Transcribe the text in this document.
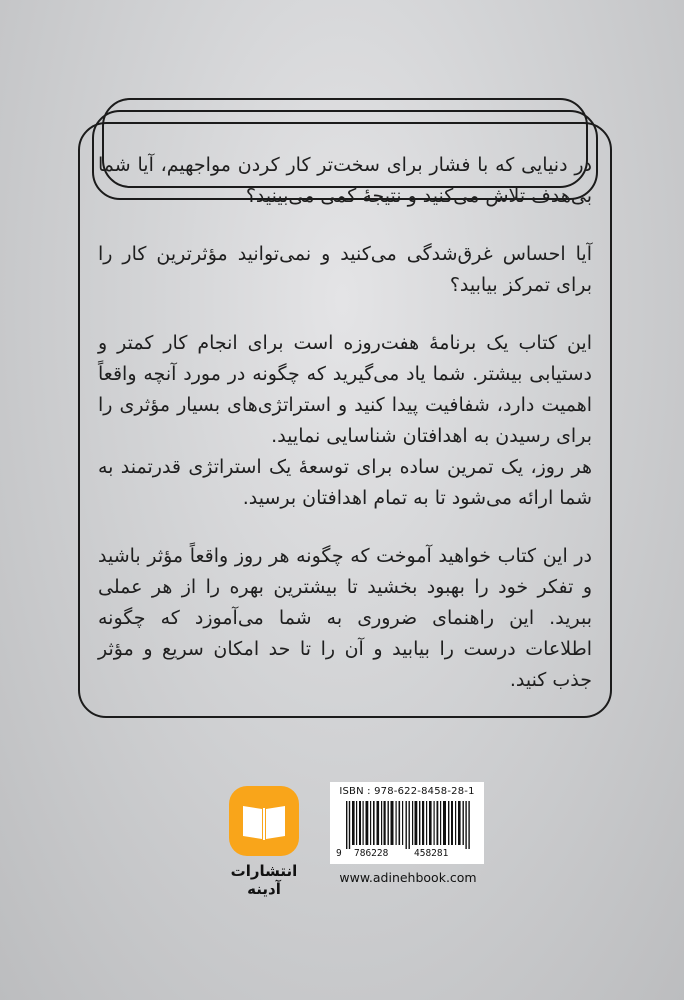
در دنیایی که با فشار برای سخت‌تر کار کردن مواجهیم، آیا شما بی‌هدف تلاش می‌کنید و نتیجهٔ کمی می‌بینید؟

آیا احساس غرق‌شدگی می‌کنید و نمی‌توانید مؤثرترین کار را برای تمرکز بیابید؟

این کتاب یک برنامهٔ هفت‌روزه است برای انجام کار کمتر و دستیابی بیشتر. شما یاد می‌گیرید که چگونه در مورد آنچه واقعاً اهمیت دارد، شفافیت پیدا کنید و استراتژی‌های بسیار مؤثری را برای رسیدن به اهدافتان شناسایی نمایید.

هر روز، یک تمرین ساده برای توسعهٔ یک استراتژی قدرتمند به شما ارائه می‌شود تا به تمام اهدافتان برسید.

در این کتاب خواهید آموخت که چگونه هر روز واقعاً مؤثر باشید و تفکر خود را بهبود بخشید تا بیشترین بهره را از هر عملی ببرید. این راهنمای ضروری به شما می‌آموزد که چگونه اطلاعات درست را بیابید و آن را تا حد امکان سریع و مؤثر جذب کنید.

انتشارات آدینه
ISBN : 978-622-8458-28-1
9 786228	458281
www.adinehbook.com
